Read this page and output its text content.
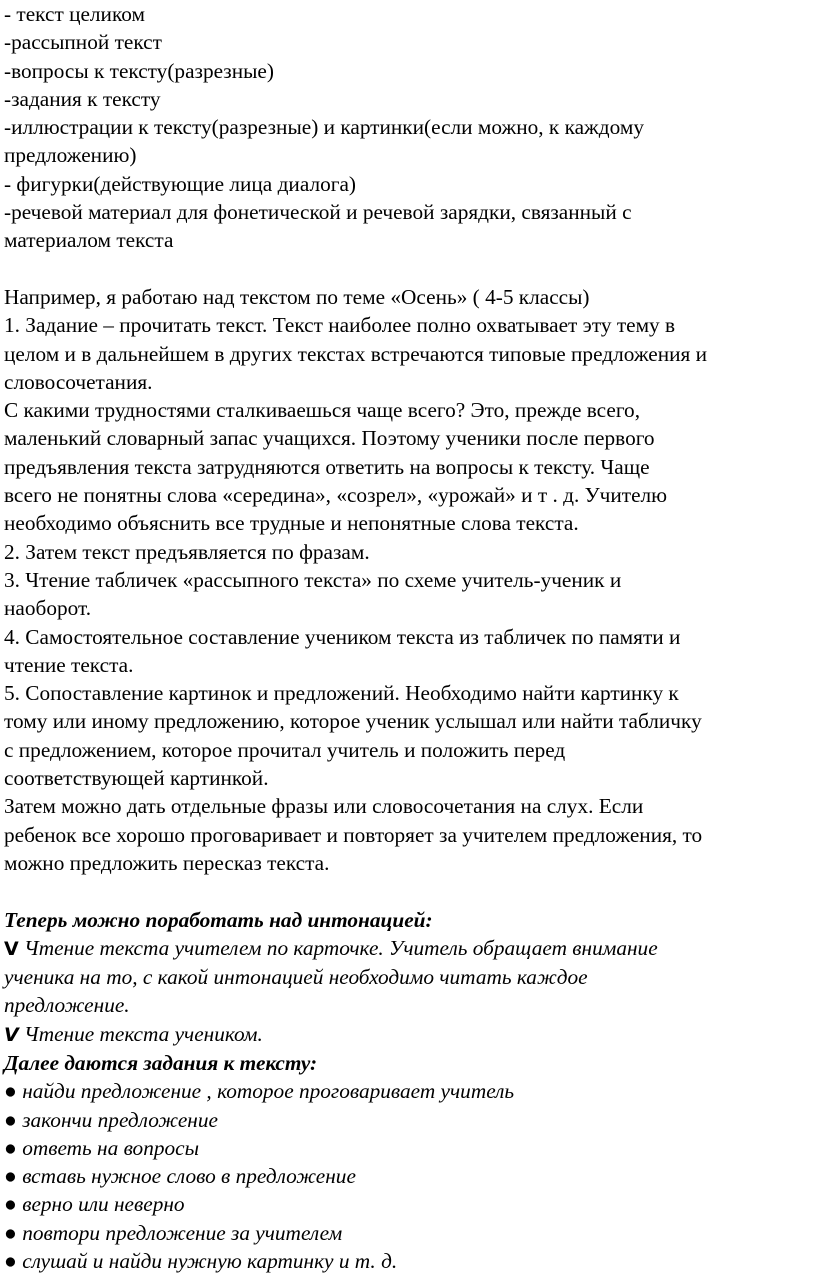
- текст целиком
-рассыпной текст
-вопросы к тексту(разрезные)
-задания к тексту
-иллюстрации к тексту(разрезные) и картинки(если можно, к каждому
предложению)
- фигурки(действующие лица диалога)
-речевой материал для фонетической и речевой зарядки, связанный с
материалом текста
Например, я работаю над текстом по теме «Осень» ( 4-5 классы)
1. Задание – прочитать текст. Текст наиболее полно охватывает эту тему в
целом и в дальнейшем в других текстах встречаются типовые предложения и
словосочетания.
С какими трудностями сталкиваешься чаще всего? Это, прежде всего,
маленький словарный запас учащихся. Поэтому ученики после первого
предъявления текста затрудняются ответить на вопросы к тексту. Чаще
всего не понятны слова «середина», «созрел», «урожай» и т . д. Учителю
необходимо объяснить все трудные и непонятные слова текста.
2. Затем текст предъявляется по фразам.
3. Чтение табличек «рассыпного текста» по схеме учитель-ученик и
наоборот.
4. Самостоятельное составление учеником текста из табличек по памяти и
чтение текста.
5. Сопоставление картинок и предложений. Необходимо найти картинку к
тому или иному предложению, которое ученик услышал или найти табличку
с предложением, которое прочитал учитель и положить перед
соответствующей картинкой.
Затем можно дать отдельные фразы или словосочетания на слух. Если
ребенок все хорошо проговаривает и повторяет за учителем предложения, то
можно предложить пересказ текста.
Теперь можно поработать над интонацией:
V Чтение текста учителем по карточке. Учитель обращает внимание
ученика на то, с какой интонацией необходимо читать каждое
предложение.
V Чтение текста учеником.
Далее даются задания к тексту:
● найди предложение , которое проговаривает учитель
● закончи предложение
● ответь на вопросы
● вставь нужное слово в предложение
● верно или неверно
● повтори предложение за учителем
● слушай и найди нужную картинку и т. д.
